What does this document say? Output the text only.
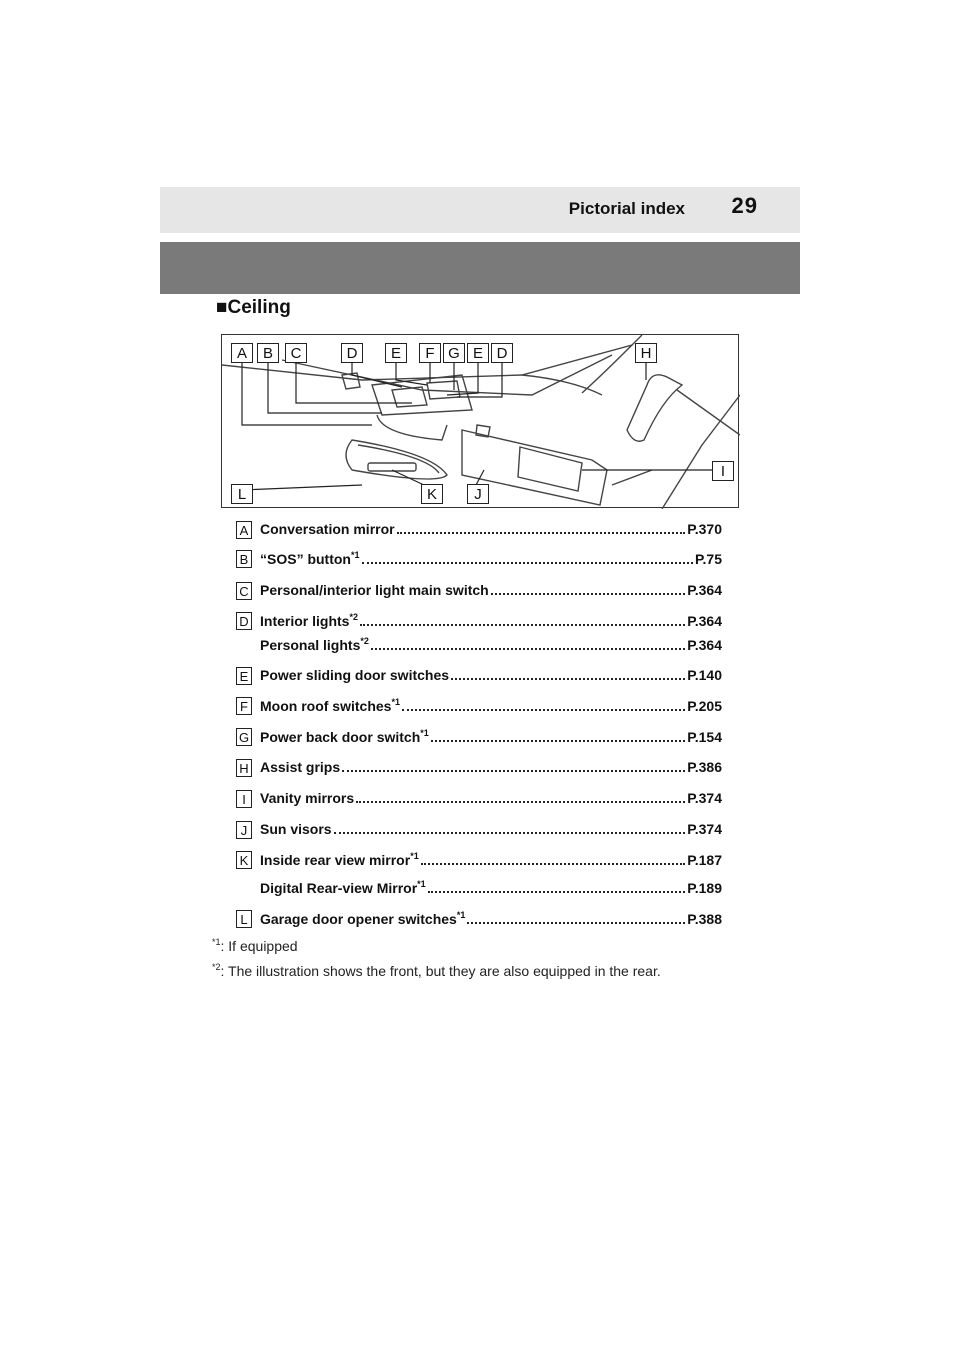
Pictorial index 29
■Ceiling
A	B	C	D	E	F G E D	H
I
L	K	J
A Conversation mirror	P.370
B “SOS” button$^{*1}$	P.75
C Personal/interior light main switch	P.364
D Interior lights$^{*2}$	P.364
Personal lights$^{*2}$	P.364
E Power sliding door switches	P.140
F Moon roof switches$^{*1}$	P.205
G Power back door switch$^{*1}$	P.154
H Assist grips	P.386
I	Vanity mirrors	P.374
J Sun visors	P.374
K Inside rear view mirror$^{*1}$	P.187
Digital Rear-view Mirror$^{*1}$	P.189
L Garage door opener switches$^{*1}$	P.388
$^{*1}$: If equipped
$^{*2}$: The illustration shows the front, but they are also equipped in the rear.
